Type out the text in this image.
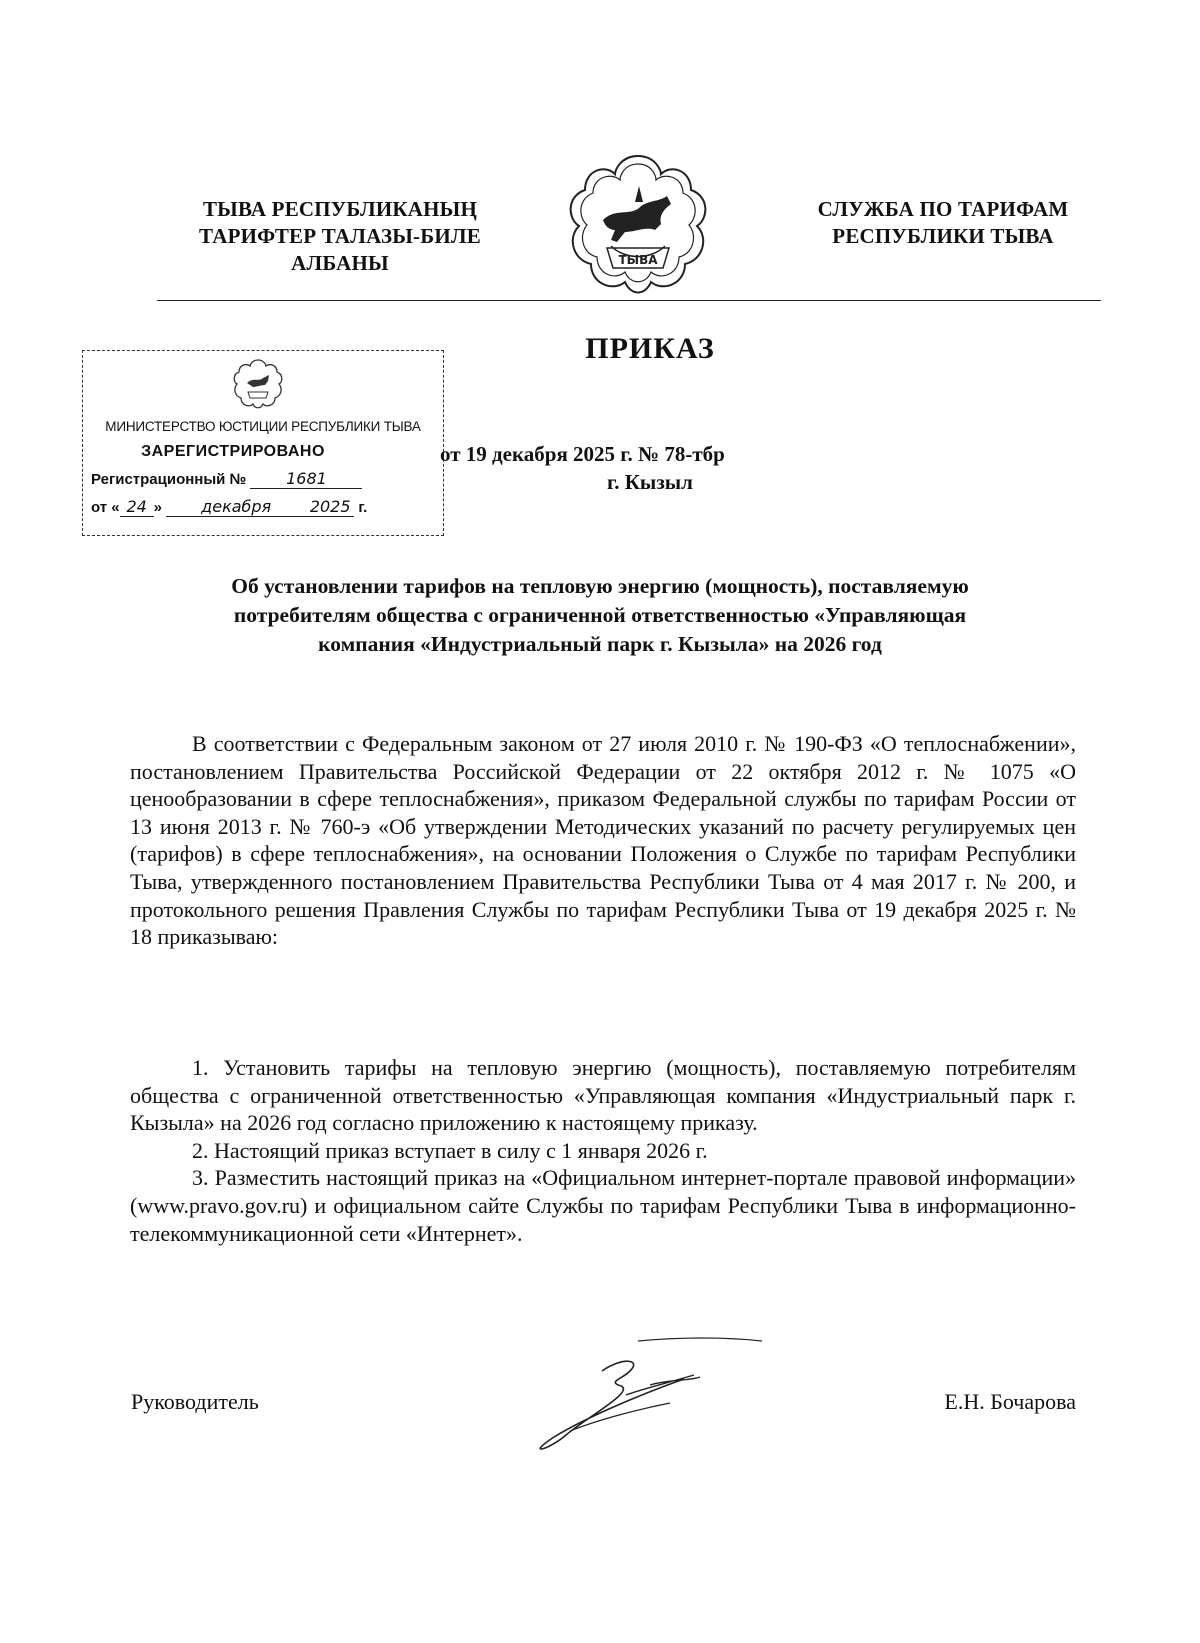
ТЫВА РЕСПУБЛИКАНЫҢ
ТАРИФТЕР ТАЛАЗЫ-БИЛЕ
АЛБАНЫ	ТЫВА
СЛУЖБА ПО ТАРИФАМ
РЕСПУБЛИКИ ТЫВА
ПРИКАЗ
МИНИСТЕРСТВО ЮСТИЦИИ РЕСПУБЛИКИ ТЫВА
ЗАРЕГИСТРИРОВАНО
Регистрационный № 1681
от « 24 » декабря 2025 г.
от 19 декабря 2025 г. № 78-тбр
г. Кызыл
Об установлении тарифов на тепловую энергию (мощность), поставляемую
потребителям общества с ограниченной ответственностью «Управляющая
компания «Индустриальный парк г. Кызыла» на 2026 год
В соответствии с Федеральным законом от 27 июля 2010 г. № 190-ФЗ «О теплоснабжении», постановлением Правительства Российской Федерации от 22 октября 2012 г. № 1075 «О ценообразовании в сфере теплоснабжения», приказом Федеральной службы по тарифам России от 13 июня 2013 г. № 760-э «Об утверждении Методических указаний по расчету регулируемых цен (тарифов) в сфере теплоснабжения», на основании Положения о Службе по тарифам Республики Тыва, утвержденного постановлением Правительства Республики Тыва от 4 мая 2017 г. № 200, и протокольного решения Правления Службы по тарифам Республики Тыва от 19 декабря 2025 г. № 18 приказываю:

1. Установить тарифы на тепловую энергию (мощность), поставляемую потребителям общества с ограниченной ответственностью «Управляющая компания «Индустриальный парк г. Кызыла» на 2026 год согласно приложению к настоящему приказу.

2. Настоящий приказ вступает в силу с 1 января 2026 г.

3. Разместить настоящий приказ на «Официальном интернет-портале правовой информации» (www.pravo.gov.ru) и официальном сайте Службы по тарифам Республики Тыва в информационно-телекоммуникационной сети «Интернет».

Руководитель	Е.Н. Бочарова
